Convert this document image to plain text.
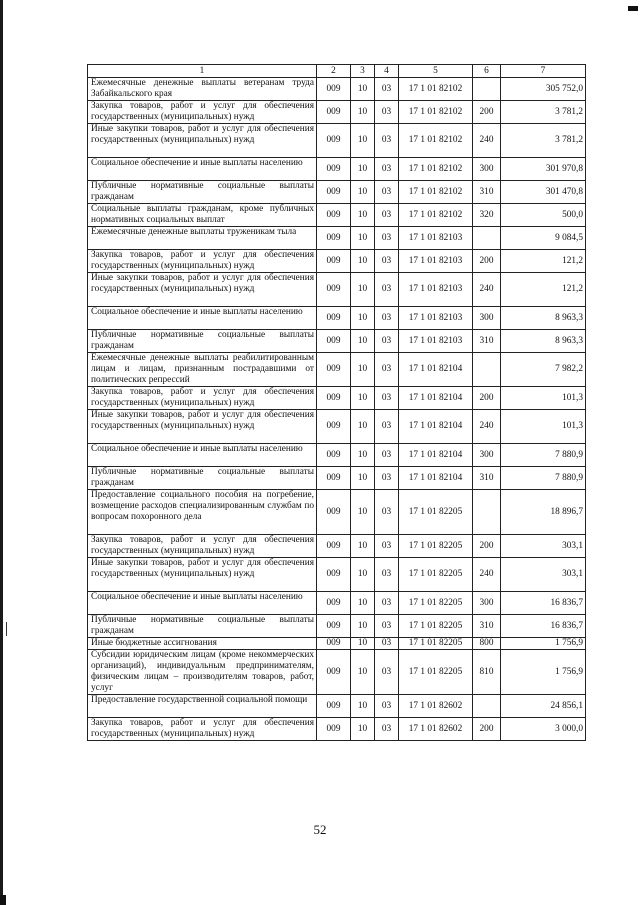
1	2	3	4	5	6	7
Ежемесячные денежные выплаты ветеранам труда Забайкальского края	009	10	03	17 1 01 82102		305 752,0
Закупка товаров, работ и услуг для обеспечения государственных (муниципальных) нужд	009	10	03	17 1 01 82102	200	3 781,2
Иные закупки товаров, работ и услуг для обеспечения государственных (муниципальных) нужд	009	10	03	17 1 01 82102	240	3 781,2
Социальное обеспечение и иные выплаты населению	009	10	03	17 1 01 82102	300	301 970,8
Публичные нормативные социальные выплаты гражданам	009	10	03	17 1 01 82102	310	301 470,8
Социальные выплаты гражданам, кроме публичных нормативных социальных выплат	009	10	03	17 1 01 82102	320	500,0
Ежемесячные денежные выплаты труженикам тыла	009	10	03	17 1 01 82103		9 084,5
Закупка товаров, работ и услуг для обеспечения государственных (муниципальных) нужд	009	10	03	17 1 01 82103	200	121,2
Иные закупки товаров, работ и услуг для обеспечения государственных (муниципальных) нужд	009	10	03	17 1 01 82103	240	121,2
Социальное обеспечение и иные выплаты населению	009	10	03	17 1 01 82103	300	8 963,3
Публичные нормативные социальные выплаты гражданам	009	10	03	17 1 01 82103	310	8 963,3
Ежемесячные денежные выплаты реабилитированным лицам и лицам, признанным пострадавшими от политических репрессий	009	10	03	17 1 01 82104		7 982,2
Закупка товаров, работ и услуг для обеспечения государственных (муниципальных) нужд	009	10	03	17 1 01 82104	200	101,3
Иные закупки товаров, работ и услуг для обеспечения государственных (муниципальных) нужд	009	10	03	17 1 01 82104	240	101,3
Социальное обеспечение и иные выплаты населению	009	10	03	17 1 01 82104	300	7 880,9
Публичные нормативные социальные выплаты гражданам	009	10	03	17 1 01 82104	310	7 880,9
Предоставление социального пособия на погребение, возмещение расходов специализированным службам по вопросам похоронного дела	009	10	03	17 1 01 82205		18 896,7
Закупка товаров, работ и услуг для обеспечения государственных (муниципальных) нужд	009	10	03	17 1 01 82205	200	303,1
Иные закупки товаров, работ и услуг для обеспечения государственных (муниципальных) нужд	009	10	03	17 1 01 82205	240	303,1
Социальное обеспечение и иные выплаты населению	009	10	03	17 1 01 82205	300	16 836,7
Публичные нормативные социальные выплаты гражданам	009	10	03	17 1 01 82205	310	16 836,7
Иные бюджетные ассигнования	009	10	03	17 1 01 82205	800	1 756,9
Субсидии юридическим лицам (кроме некоммерческих организаций), индивидуальным предпринимателям, физическим лицам – производителям товаров, работ, услуг	009	10	03	17 1 01 82205	810	1 756,9
Предоставление государственной социальной помощи	009	10	03	17 1 01 82602		24 856,1
Закупка товаров, работ и услуг для обеспечения государственных (муниципальных) нужд	009	10	03	17 1 01 82602	200	3 000,0
52
